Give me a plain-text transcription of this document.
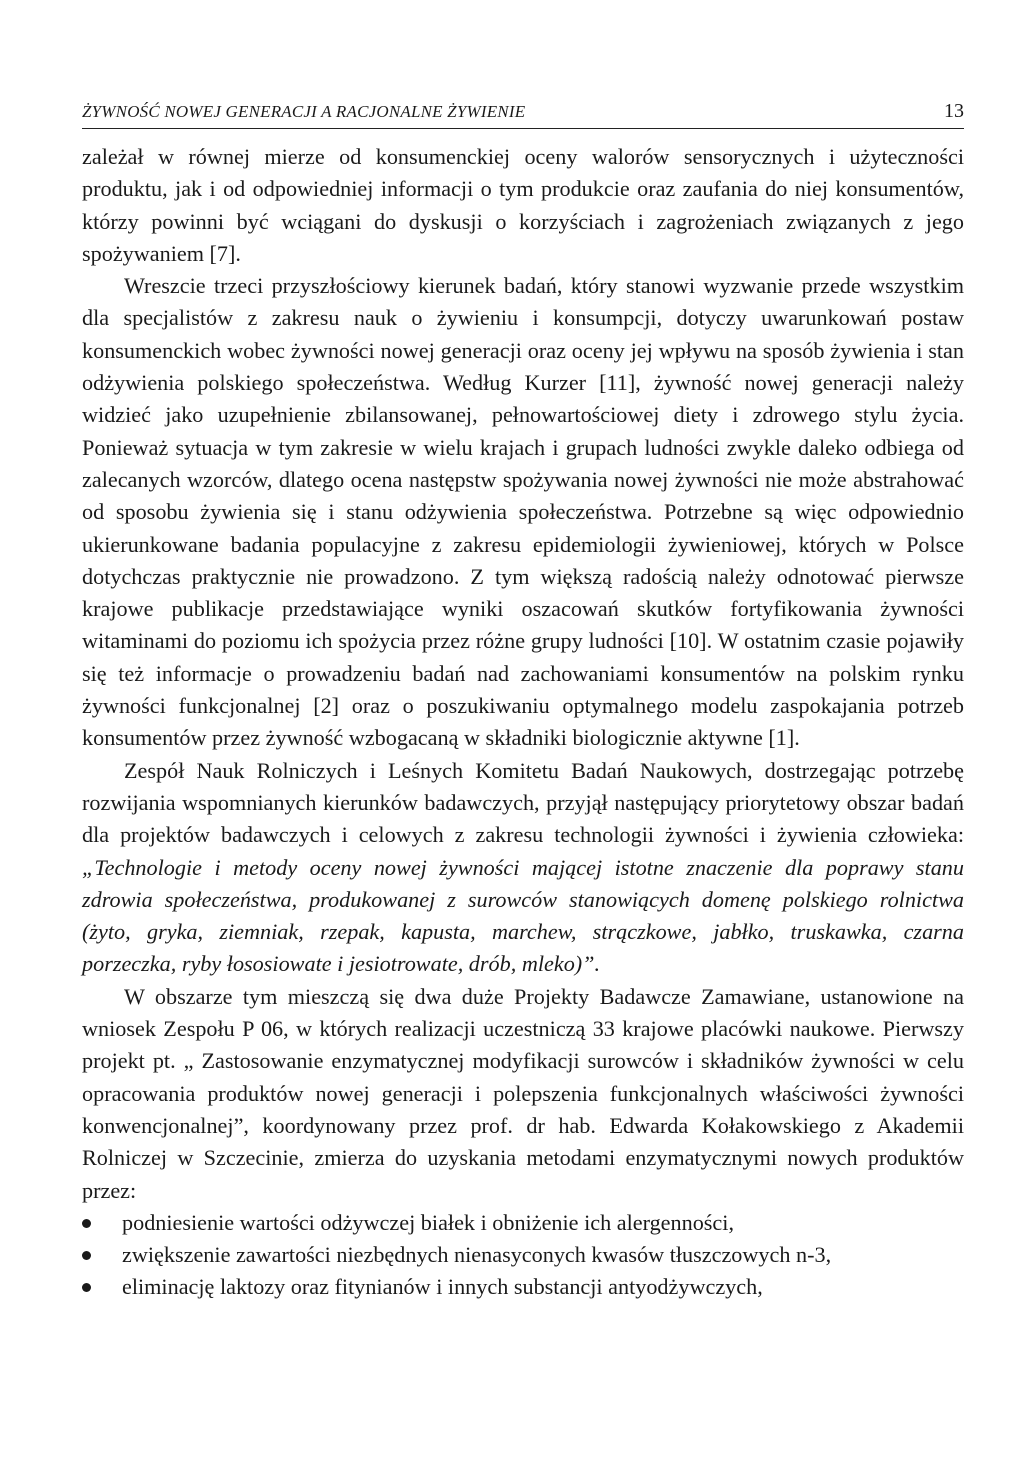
ŻYWNOŚĆ NOWEJ GENERACJI A RACJONALNE ŻYWIENIE	13

zależał w równej mierze od konsumenckiej oceny walorów sensorycznych i użyteczności produktu, jak i od odpowiedniej informacji o tym produkcie oraz zaufania do niej konsumentów, którzy powinni być wciągani do dyskusji o korzyściach i zagrożeniach związanych z jego spożywaniem [7].

Wreszcie trzeci przyszłościowy kierunek badań, który stanowi wyzwanie przede wszystkim dla specjalistów z zakresu nauk o żywieniu i konsumpcji, dotyczy uwarunkowań postaw konsumenckich wobec żywności nowej generacji oraz oceny jej wpływu na sposób żywienia i stan odżywienia polskiego społeczeństwa. Według Kurzer [11], żywność nowej generacji należy widzieć jako uzupełnienie zbilansowanej, pełnowartościowej diety i zdrowego stylu życia. Ponieważ sytuacja w tym zakresie w wielu krajach i grupach ludności zwykle daleko odbiega od zalecanych wzorców, dlatego ocena następstw spożywania nowej żywności nie może abstrahować od sposobu żywienia się i stanu odżywienia społeczeństwa. Potrzebne są więc odpowiednio ukierunkowane badania populacyjne z zakresu epidemiologii żywieniowej, których w Polsce dotychczas praktycznie nie prowadzono. Z tym większą radością należy odnotować pierwsze krajowe publikacje przedstawiające wyniki oszacowań skutków fortyfikowania żywności witaminami do poziomu ich spożycia przez różne grupy ludności [10]. W ostatnim czasie pojawiły się też informacje o prowadzeniu badań nad zachowaniami konsumentów na polskim rynku żywności funkcjonalnej [2] oraz o poszukiwaniu optymalnego modelu zaspokajania potrzeb konsumentów przez żywność wzbogacaną w składniki biologicznie aktywne [1].

Zespół Nauk Rolniczych i Leśnych Komitetu Badań Naukowych, dostrzegając potrzebę rozwijania wspomnianych kierunków badawczych, przyjął następujący priorytetowy obszar badań dla projektów badawczych i celowych z zakresu technologii żywności i żywienia człowieka: „Technologie i metody oceny nowej żywności mającej istotne znaczenie dla poprawy stanu zdrowia społeczeństwa, produkowanej z surowców stanowiących domenę polskiego rolnictwa (żyto, gryka, ziemniak, rzepak, kapusta, marchew, strączkowe, jabłko, truskawka, czarna porzeczka, ryby łososiowate i jesiotrowate, drób, mleko)”.

W obszarze tym mieszczą się dwa duże Projekty Badawcze Zamawiane, ustanowione na wniosek Zespołu P 06, w których realizacji uczestniczą 33 krajowe placówki naukowe. Pierwszy projekt pt. „ Zastosowanie enzymatycznej modyfikacji surowców i składników żywności w celu opracowania produktów nowej generacji i polepszenia funkcjonalnych właściwości żywności konwencjonalnej”, koordynowany przez prof. dr hab. Edwarda Kołakowskiego z Akademii Rolniczej w Szczecinie, zmierza do uzyskania metodami enzymatycznymi nowych produktów przez:

podniesienie wartości odżywczej białek i obniżenie ich alergenności,
zwiększenie zawartości niezbędnych nienasyconych kwasów tłuszczowych n-3,
eliminację laktozy oraz fitynianów i innych substancji antyodżywczych,
